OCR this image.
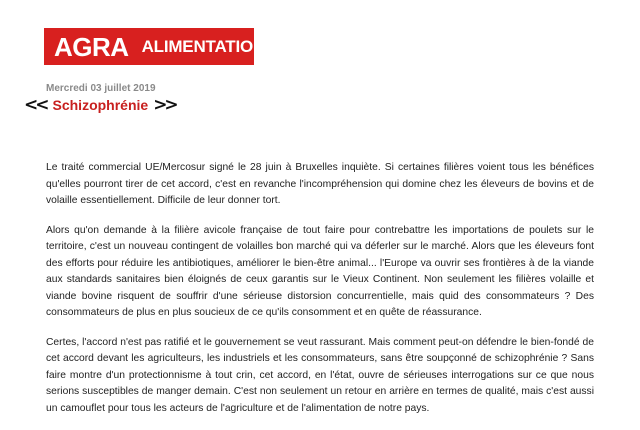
AGRA ALIMENTATION
Mercredi 03 juillet 2019
<< Schizophrénie >>

Le traité commercial UE/Mercosur signé le 28 juin à Bruxelles inquiète. Si certaines filières voient tous les bénéfices qu'elles pourront tirer de cet accord, c'est en revanche l'incompréhension qui domine chez les éleveurs de bovins et de volaille essentiellement. Difficile de leur donner tort.

Alors qu'on demande à la filière avicole française de tout faire pour contrebattre les importations de poulets sur le territoire, c'est un nouveau contingent de volailles bon marché qui va déferler sur le marché. Alors que les éleveurs font des efforts pour réduire les antibiotiques, améliorer le bien-être animal... l'Europe va ouvrir ses frontières à de la viande aux standards sanitaires bien éloignés de ceux garantis sur le Vieux Continent. Non seulement les filières volaille et viande bovine risquent de souffrir d'une sérieuse distorsion concurrentielle, mais quid des consommateurs ? Des consommateurs de plus en plus soucieux de ce qu'ils consomment et en quête de réassurance.

Certes, l'accord n'est pas ratifié et le gouvernement se veut rassurant. Mais comment peut-on défendre le bien-fondé de cet accord devant les agriculteurs, les industriels et les consommateurs, sans être soupçonné de schizophrénie ? Sans faire montre d'un protectionnisme à tout crin, cet accord, en l'état, ouvre de sérieuses interrogations sur ce que nous serions susceptibles de manger demain. C'est non seulement un retour en arrière en termes de qualité, mais c'est aussi un camouflet pour tous les acteurs de l'agriculture et de l'alimentation de notre pays.
